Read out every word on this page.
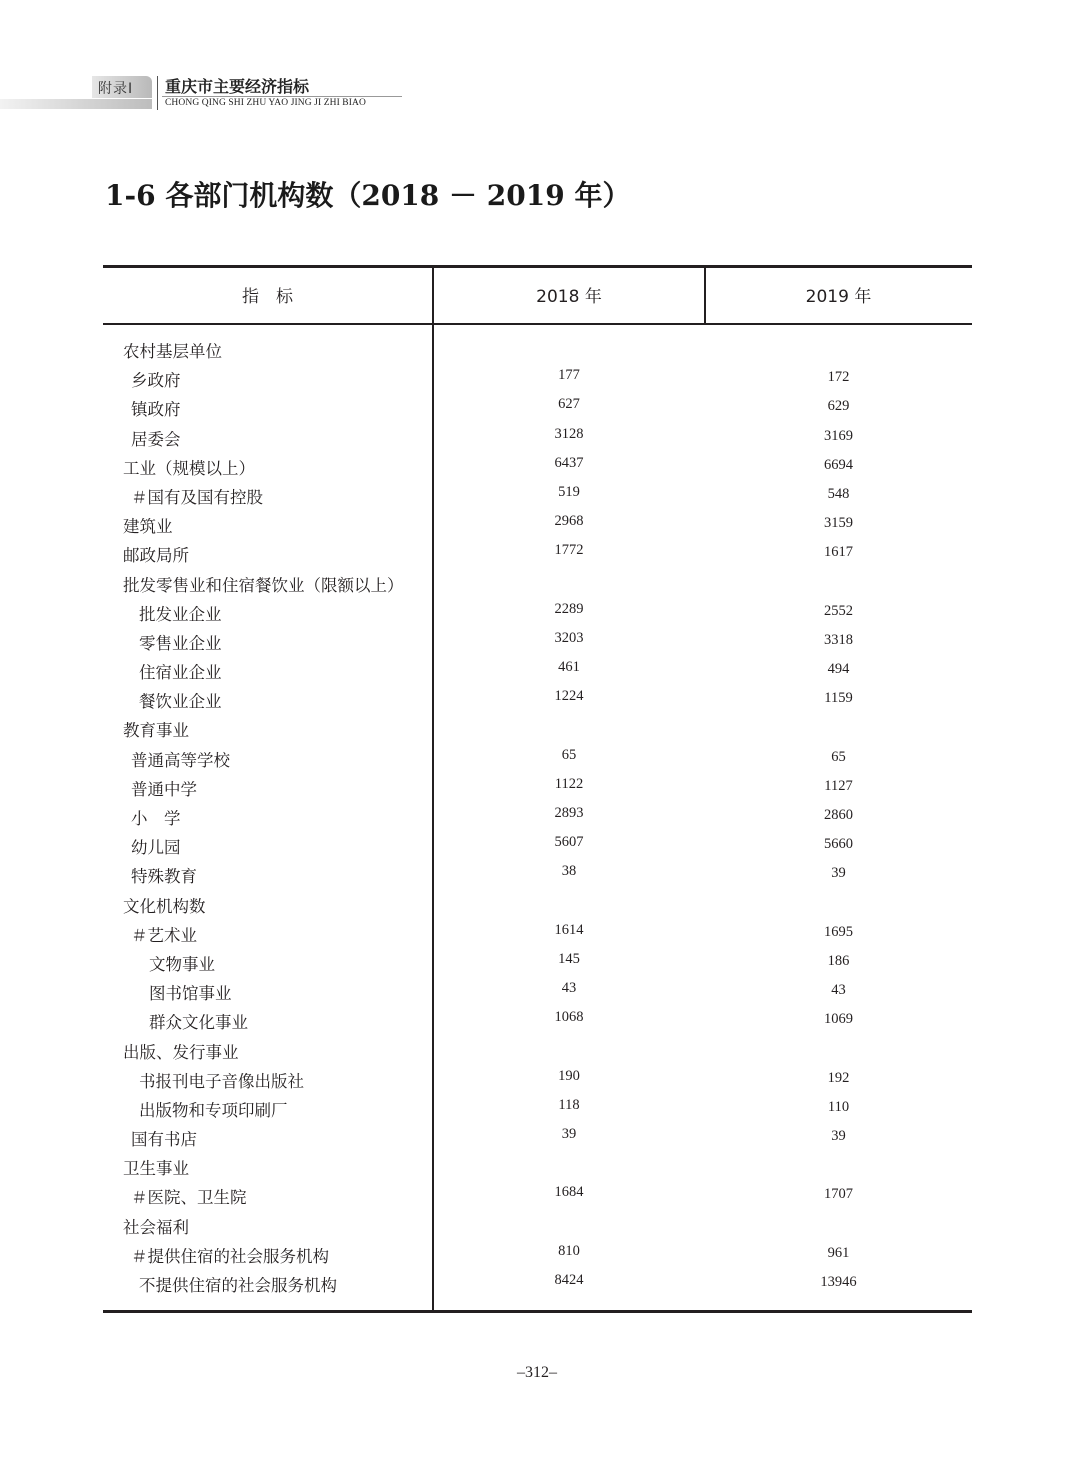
附录Ⅰ 重庆市主要经济指标
CHONG QING SHI ZHU YAO JING JI ZHI BIAO
1-6 各部门机构数（2018 － 2019 年）
指　标	2018 年	2019 年
农村基层单位
乡政府	177	172
镇政府	627	629
居委会	3128	3169
工业（规模以上）	6437	6694
＃国有及国有控股	519	548
建筑业	2968	3159
邮政局所	1772	1617
批发零售业和住宿餐饮业（限额以上）
批发业企业	2289	2552
零售业企业	3203	3318
住宿业企业	461	494
餐饮业企业	1224	1159
教育事业
普通高等学校	65	65
普通中学	1122	1127
小　学	2893	2860
幼儿园	5607	5660
特殊教育	38	39
文化机构数
＃艺术业	1614	1695
文物事业	145	186
图书馆事业	43	43
群众文化事业	1068	1069
出版、发行事业
书报刊电子音像出版社	190	192
出版物和专项印刷厂	118	110
国有书店	39	39
卫生事业
＃医院、卫生院	1684	1707
社会福利
＃提供住宿的社会服务机构	810	961
不提供住宿的社会服务机构	8424	13946
–312–
